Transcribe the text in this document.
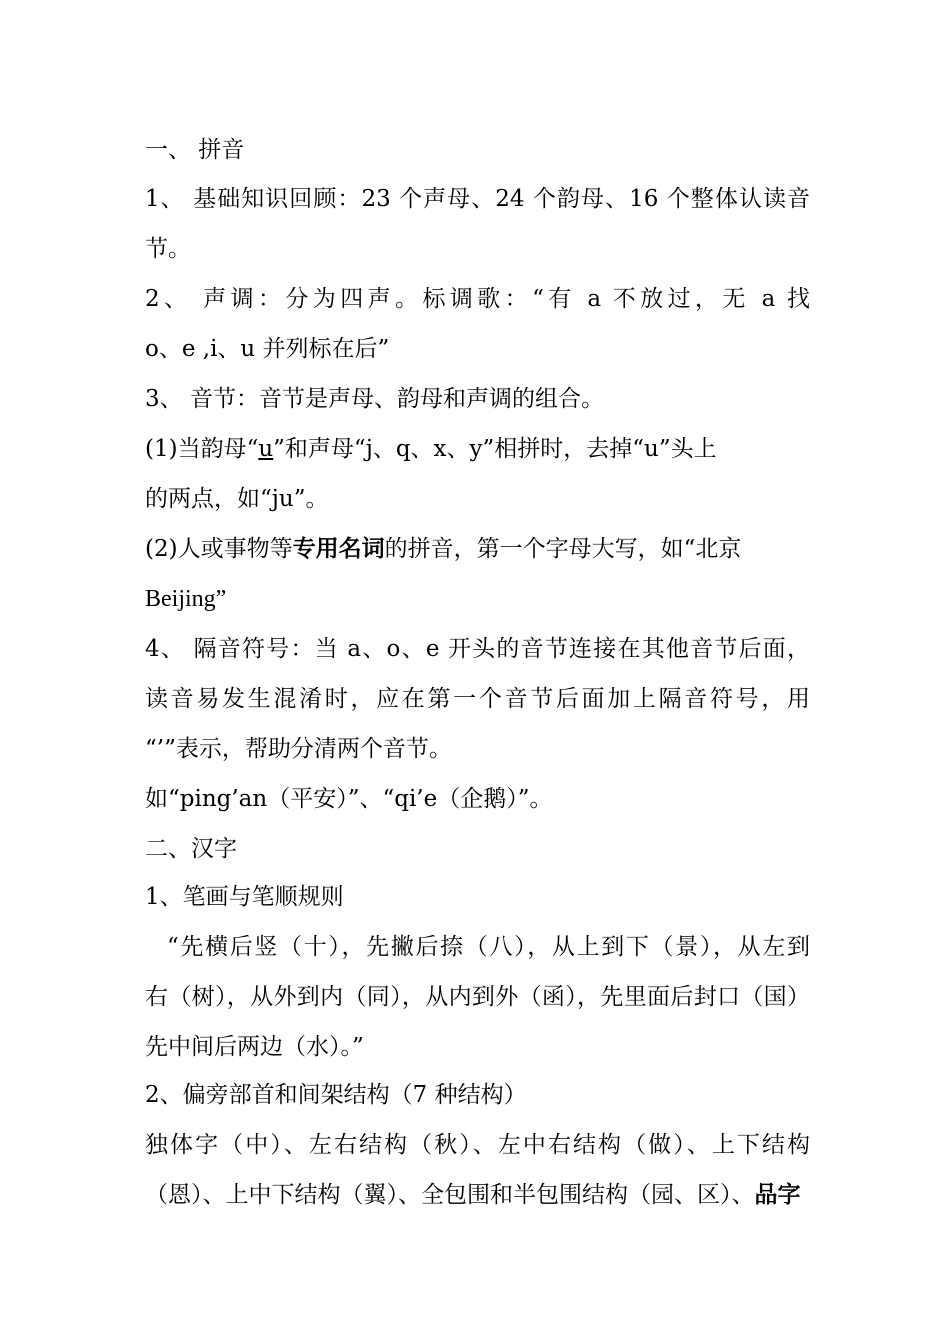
一、 拼音
1、 基础知识回顾：23 个声母、24 个韵母、16 个整体认读音
节。
2、 声调：分为四声。标调歌：“有 a 不放过，无 a 找
o、e ,i、u 并列标在后”
3、 音节：音节是声母、韵母和声调的组合。
(1)当韵母“u”和声母“j、q、x、y”相拼时，去掉“u”头上
的两点，如“ju”。
(2)人或事物等专用名词的拼音，第一个字母大写，如“北京
Beijing”
4、 隔音符号：当 a、o、e 开头的音节连接在其他音节后面，
读音易发生混淆时，应在第一个音节后面加上隔音符号，用
“’”表示，帮助分清两个音节。
如“ping’an（平安）”、“qi’e（企鹅）”。
二、汉字
1、笔画与笔顺规则
“先横后竖（十），先撇后捺（八），从上到下（景），从左到
右（树），从外到内（同），从内到外（函），先里面后封口（国）
先中间后两边（水）。”
2、偏旁部首和间架结构（7 种结构）
独体字（中）、左右结构（秋）、左中右结构（做）、上下结构
（恩）、上中下结构（翼）、全包围和半包围结构（园、区）、品字
